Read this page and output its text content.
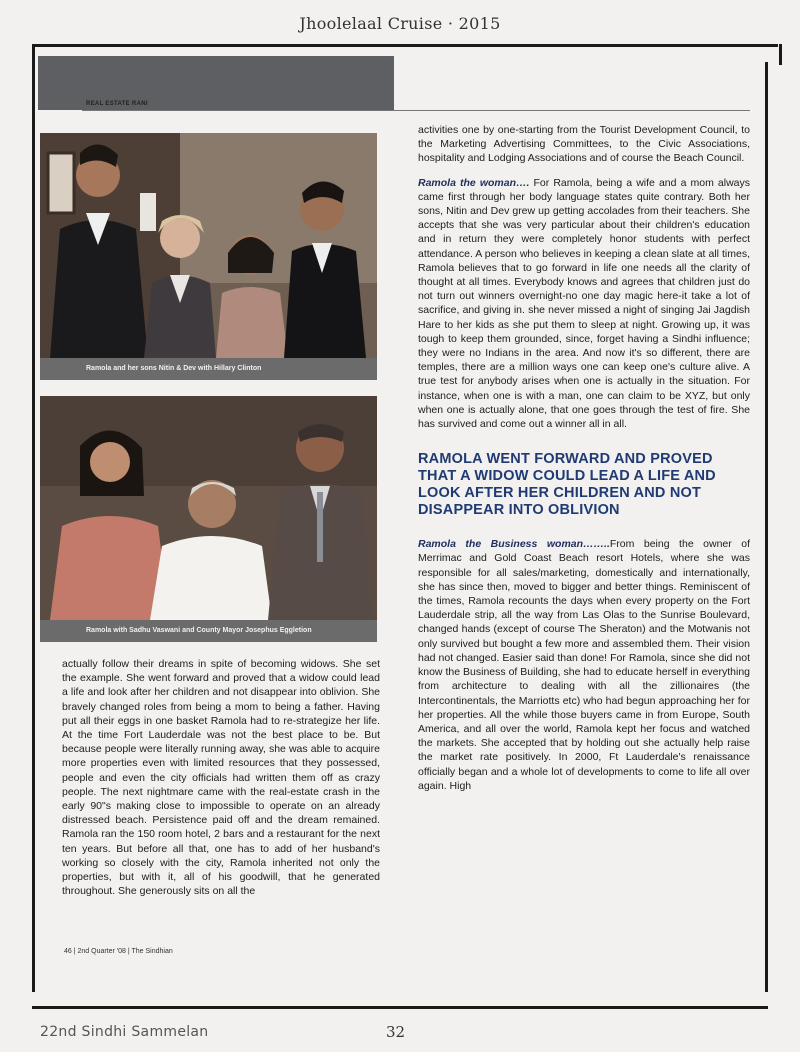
Jhoolelaal Cruise · 2015
REAL ESTATE RANI
Ramola and her sons Nitin & Dev with Hillary Clinton
Ramola with Sadhu Vaswani and County Mayor Josephus Eggletion

actually follow their dreams in spite of becoming widows. She set the example. She went forward and proved that a widow could lead a life and look after her children and not disappear into oblivion. She bravely changed roles from being a mom to being a father. Having put all their eggs in one basket Ramola had to re-strategize her life. At the time Fort Lauderdale was not the best place to be. But because people were literally running away, she was able to acquire more properties even with limited resources that they possessed, people and even the city officials had written them off as crazy people. The next nightmare came with the real-estate crash in the early 90"s making close to impossible to operate on an already distressed beach. Persistence paid off and the dream remained. Ramola ran the 150 room hotel, 2 bars and a restaurant for the next ten years. But before all that, one has to add of her husband's working so closely with the city, Ramola inherited not only the properties, but with it, all of his goodwill, that he generated throughout. She generously sits on all the

activities one by one-starting from the Tourist Development Council, to the Marketing Advertising Committees, to the Civic Associations, hospitality and Lodging Associations and of course the Beach Council.

Ramola the woman…. For Ramola, being a wife and a mom always came first through her body language states quite contrary. Both her sons, Nitin and Dev grew up getting accolades from their teachers. She accepts that she was very particular about their children's education and in return they were completely honor students with perfect attendance. A person who believes in keeping a clean slate at all times, Ramola believes that to go forward in life one needs all the clarity of thought at all times. Everybody knows and agrees that children just do not turn out winners overnight-no one day magic here-it take a lot of sacrifice, and giving in. she never missed a night of singing Jai Jagdish Hare to her kids as she put them to sleep at night. Growing up, it was tough to keep them grounded, since, forget having a Sindhi influence; they were no Indians in the area. And now it's so different, there are temples, there are a million ways one can keep one's culture alive. A true test for anybody arises when one is actually in the situation. For instance, when one is with a man, one can claim to be XYZ, but only when one is actually alone, that one goes through the test of fire. She has survived and come out a winner all in all.

RAMOLA WENT FORWARD AND PROVED THAT A WIDOW COULD LEAD A LIFE AND LOOK AFTER HER CHILDREN AND NOT DISAPPEAR INTO OBLIVION

Ramola the Business woman……..From being the owner of Merrimac and Gold Coast Beach resort Hotels, where she was responsible for all sales/marketing, domestically and internationally, she has since then, moved to bigger and better things. Reminiscent of the times, Ramola recounts the days when every property on the Fort Lauderdale strip, all the way from Las Olas to the Sunrise Boulevard, changed hands (except of course The Sheraton) and the Motwanis not only survived but bought a few more and assembled them. Their vision had not changed. Easier said than done! For Ramola, since she did not know the Business of Building, she had to educate herself in everything from architecture to dealing with all the zillionaires (the Intercontinentals, the Marriotts etc) who had begun approaching her for her properties. All the while those buyers came in from Europe, South America, and all over the world, Ramola kept her focus and watched the markets. She accepted that by holding out she actually help raise the market rate positively. In 2000, Ft Lauderdale's renaissance officially began and a whole lot of developments to come to life all over again. High

46 | 2nd Quarter '08 | The Sindhian
22nd Sindhi Sammelan	32
